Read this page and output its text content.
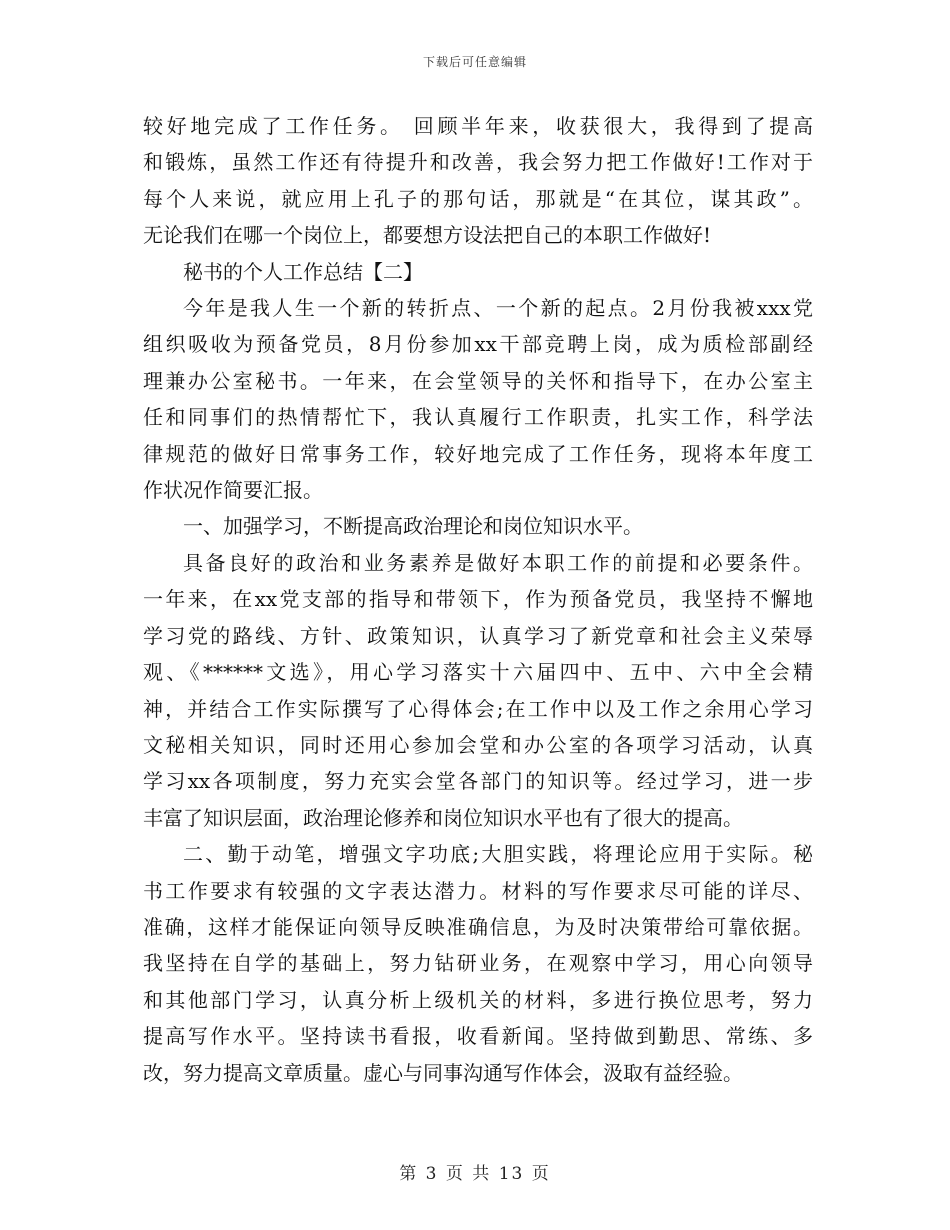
下载后可任意编辑

较好地完成了工作任务。 回顾半年来，收获很大，我得到了提高
和锻炼，虽然工作还有待提升和改善，我会努力把工作做好!工作对于
每个人来说，就应用上孔子的那句话，那就是“在其位，谋其政”。
无论我们在哪一个岗位上，都要想方设法把自己的本职工作做好!

秘书的个人工作总结【二】

今年是我人生一个新的转折点、一个新的起点。2月份我被xxx党
组织吸收为预备党员，8月份参加xx干部竞聘上岗，成为质检部副经
理兼办公室秘书。一年来，在会堂领导的关怀和指导下，在办公室主
任和同事们的热情帮忙下，我认真履行工作职责，扎实工作，科学法
律规范的做好日常事务工作，较好地完成了工作任务，现将本年度工
作状况作简要汇报。

一、加强学习，不断提高政治理论和岗位知识水平。

具备良好的政治和业务素养是做好本职工作的前提和必要条件。
一年来，在xx党支部的指导和带领下，作为预备党员，我坚持不懈地
学习党的路线、方针、政策知识，认真学习了新党章和社会主义荣辱
观、《******文选》，用心学习落实十六届四中、五中、六中全会精
神，并结合工作实际撰写了心得体会;在工作中以及工作之余用心学习
文秘相关知识，同时还用心参加会堂和办公室的各项学习活动，认真
学习xx各项制度，努力充实会堂各部门的知识等。经过学习，进一步
丰富了知识层面，政治理论修养和岗位知识水平也有了很大的提高。

二、勤于动笔，增强文字功底;大胆实践，将理论应用于实际。秘
书工作要求有较强的文字表达潜力。材料的写作要求尽可能的详尽、
准确，这样才能保证向领导反映准确信息，为及时决策带给可靠依据。
我坚持在自学的基础上，努力钻研业务，在观察中学习，用心向领导
和其他部门学习，认真分析上级机关的材料，多进行换位思考，努力
提高写作水平。坚持读书看报，收看新闻。坚持做到勤思、常练、多
改，努力提高文章质量。虚心与同事沟通写作体会，汲取有益经验。

第 3 页 共 13 页
